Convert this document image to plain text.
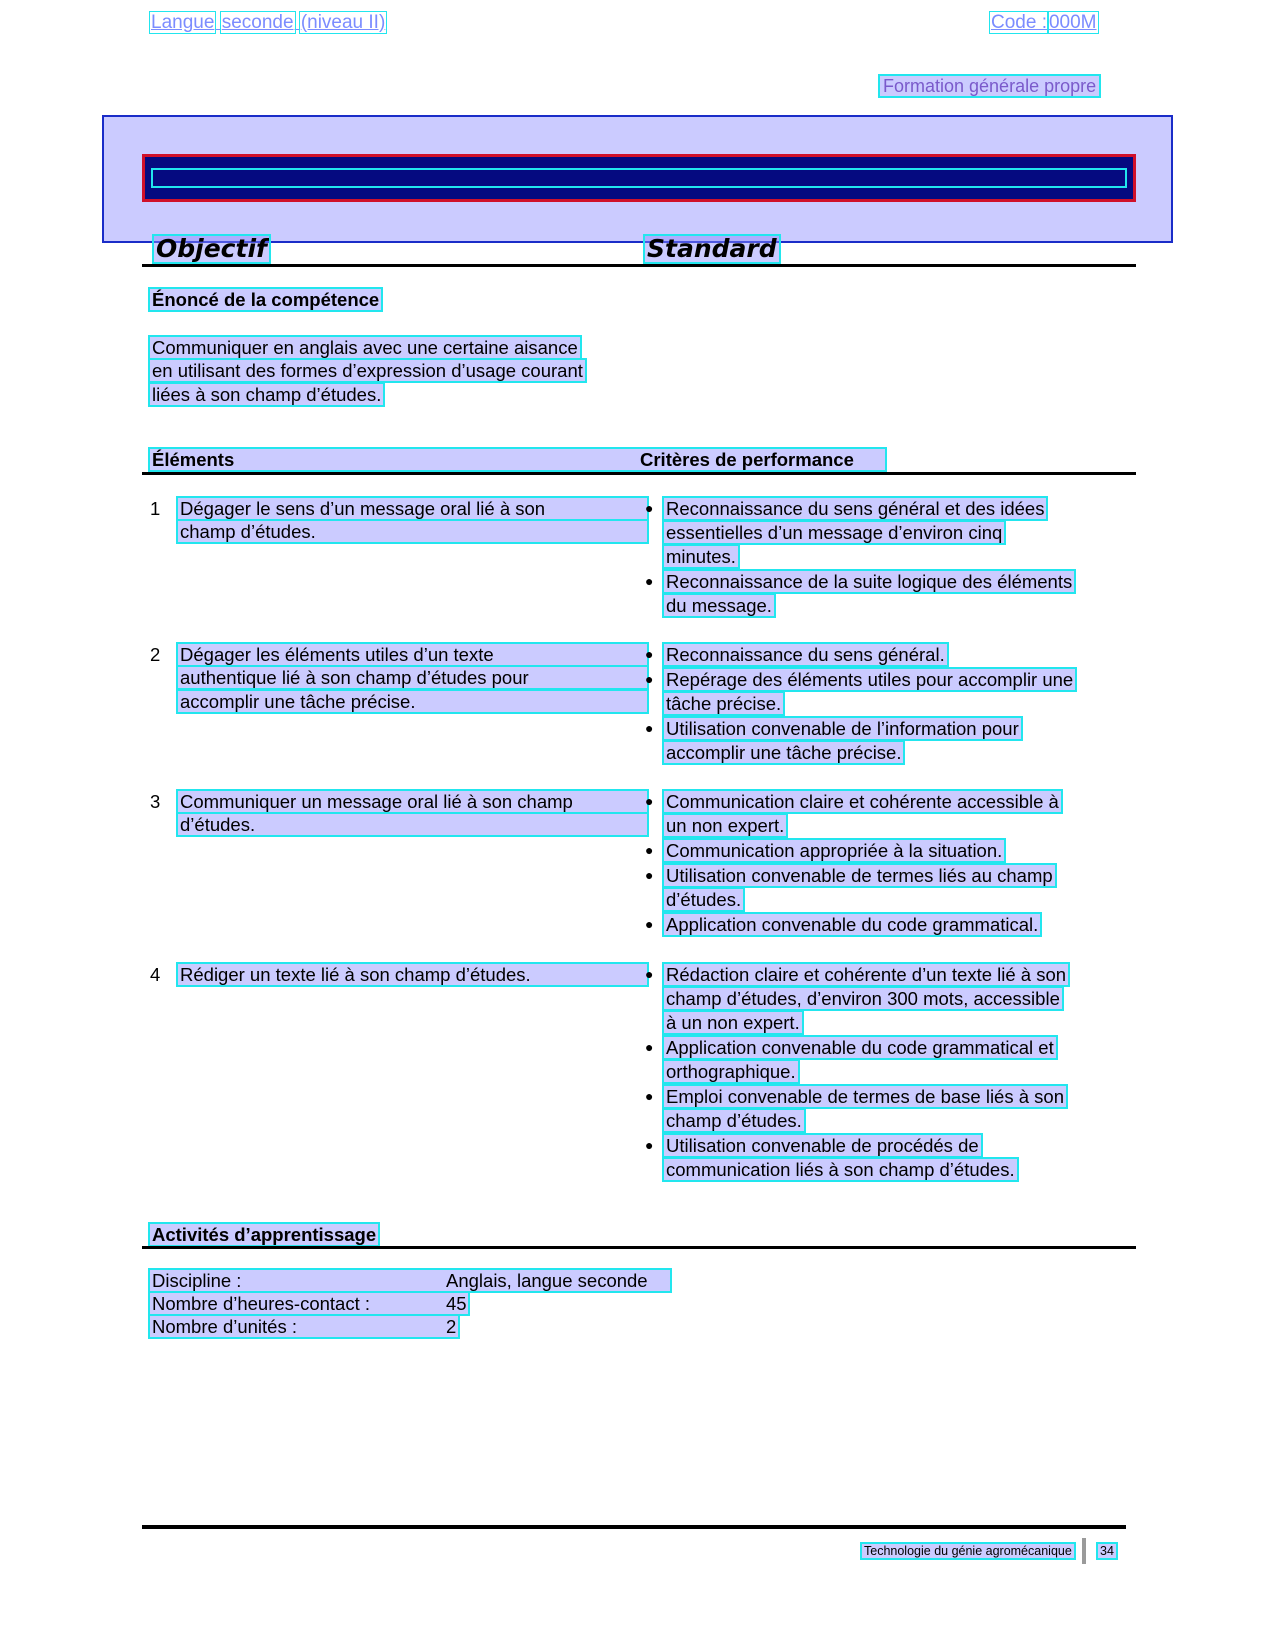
Formation générale propre
Langue seconde (niveau II)	Code : 000M
Objectif	Standard
Énoncé de la compétence
Communiquer en anglais avec une certaine aisance
en utilisant des formes d’expression d’usage courant
liées à son champ d’études.
Éléments	Critères de performance
1 Dégager le sens d’un message oral lié à son
champ d’études.
● Reconnaissance du sens général et des idées
essentielles d’un message d’environ cinq
minutes.
● Reconnaissance de la suite logique des éléments
du message.
2 Dégager les éléments utiles d’un texte
authentique lié à son champ d’études pour
accomplir une tâche précise.
● Reconnaissance du sens général.
● Repérage des éléments utiles pour accomplir une
tâche précise.
● Utilisation convenable de l’information pour
accomplir une tâche précise.
3 Communiquer un message oral lié à son champ
d’études.
● Communication claire et cohérente accessible à
un non expert.
● Communication appropriée à la situation.
● Utilisation convenable de termes liés au champ
d’études.
● Application convenable du code grammatical.
4 Rédiger un texte lié à son champ d’études.	● Rédaction claire et cohérente d’un texte lié à son
champ d’études, d’environ 300 mots, accessible
à un non expert.
● Application convenable du code grammatical et
orthographique.
● Emploi convenable de termes de base liés à son
champ d’études.
● Utilisation convenable de procédés de
communication liés à son champ d’études.
Activités d’apprentissage
Discipline :	Anglais, langue seconde
Nombre d’heures-contact :	45
Nombre d’unités :	2
Technologie du génie agromécanique 34
